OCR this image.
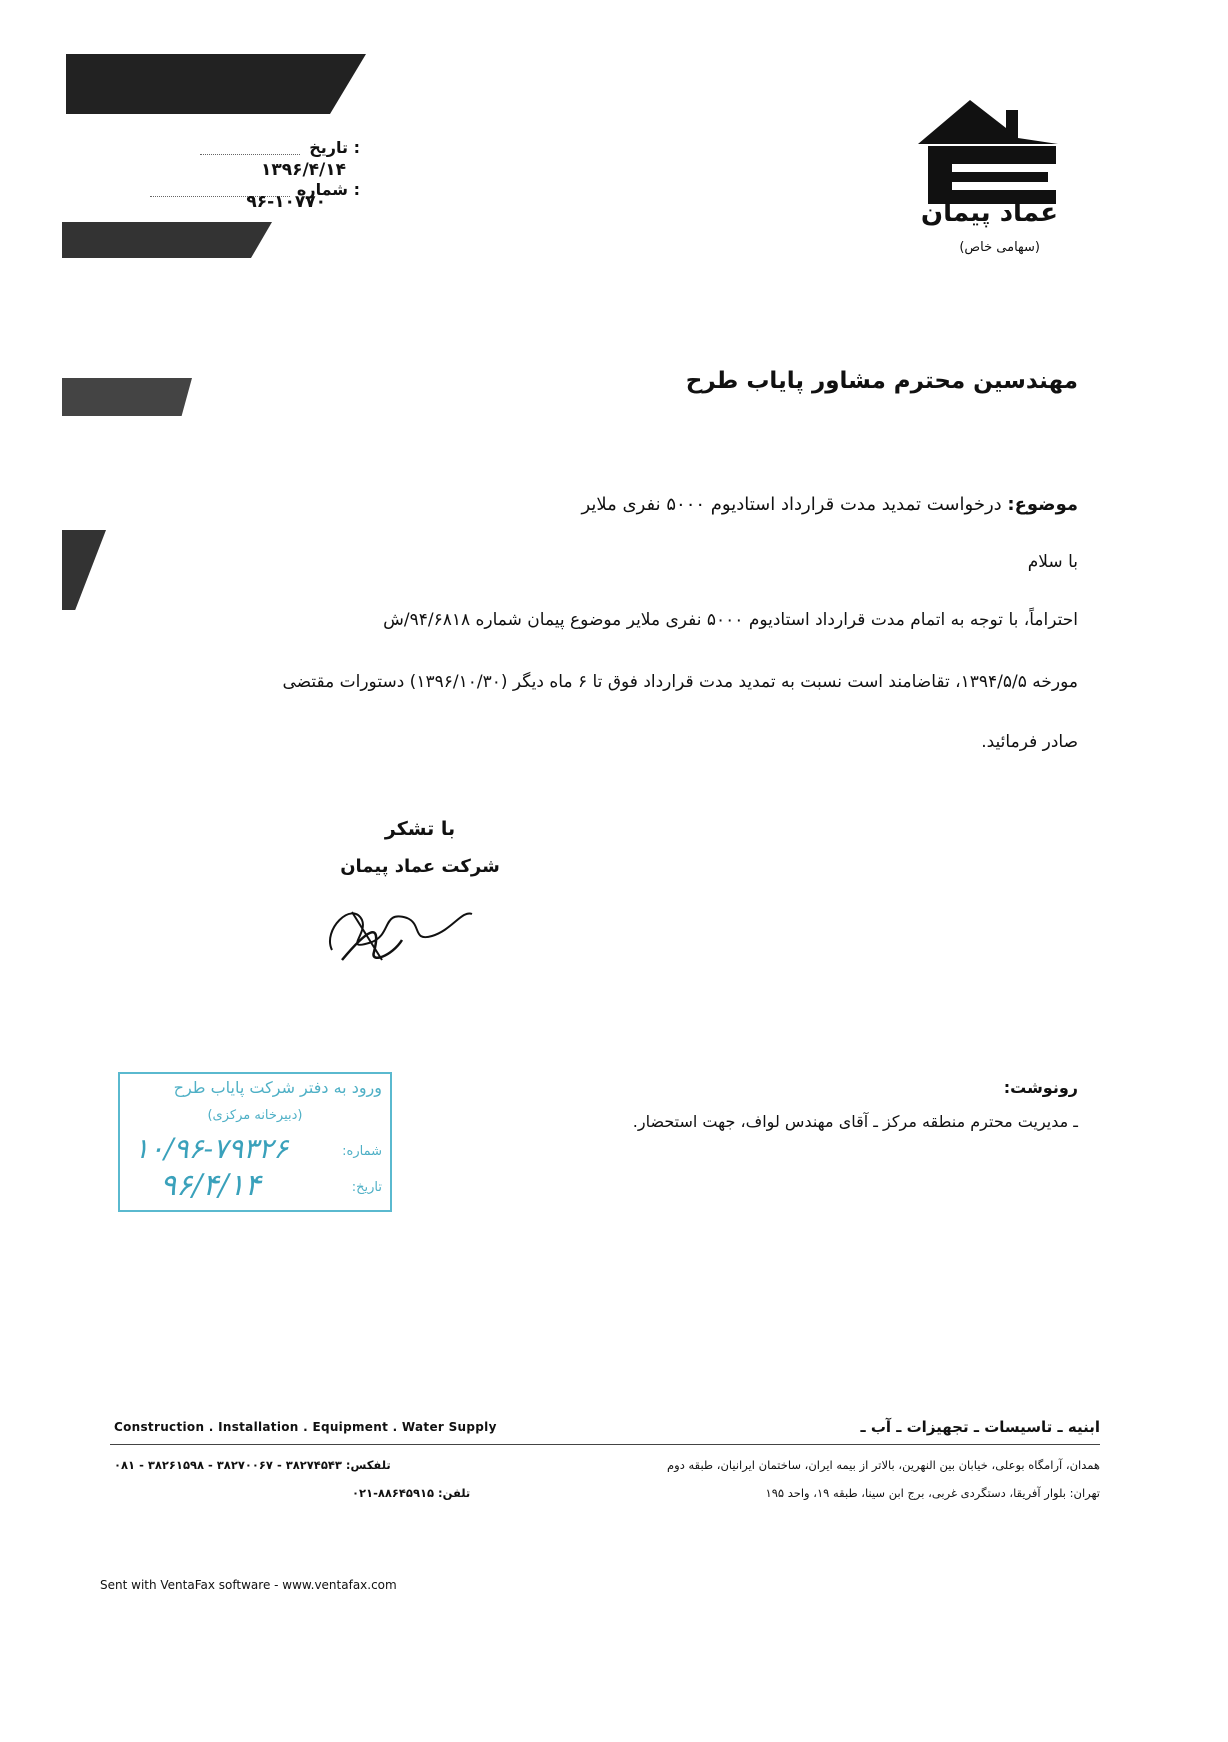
عماد پیمان
(سهامی خاص)
: تاریخ
۱۳۹۶/۴/۱۴
: شماره
۹۶-۱۰۷۷۰
مهندسین محترم مشاور پایاب طرح
موضوع: درخواست تمدید مدت قرارداد استادیوم ۵۰۰۰ نفری ملایر
با سلام
احتراماً، با توجه به اتمام مدت قرارداد استادیوم ۵۰۰۰ نفری ملایر موضوع پیمان شماره ۹۴/۶۸۱۸/ش
مورخه ۱۳۹۴/۵/۵، تقاضامند است نسبت به تمدید مدت قرارداد فوق تا ۶ ماه دیگر (۱۳۹۶/۱۰/۳۰) دستورات مقتضی
صادر فرمائید.
با تشکر
شرکت عماد پیمان
ورود به دفتر شرکت پایاب طرح
(دبیرخانه مرکزی)
شماره:
۱۰/۹۶-۷۹۳۲۶
تاریخ:
۹۶/۴/۱۴
رونوشت:
ـ مدیریت محترم منطقه مرکز ـ آقای مهندس لواف، جهت استحضار.
Construction . Installation . Equipment . Water Supply	ابنیه ـ تاسیسات ـ تجهیزات ـ آب ـ
تلفکس: ۳۸۲۷۴۵۴۳ - ۳۸۲۷۰۰۶۷ - ۳۸۲۶۱۵۹۸ - ۰۸۱
تلفن: ۸۸۶۴۵۹۱۵-۰۲۱
همدان، آرامگاه بوعلی، خیابان بین النهرین، بالاتر از بیمه ایران، ساختمان ایرانیان، طبقه دوم
تهران: بلوار آفریقا، دستگردی غربی، برج ابن سینا، طبقه ۱۹، واحد ۱۹۵
Sent with VentaFax software - www.ventafax.com
